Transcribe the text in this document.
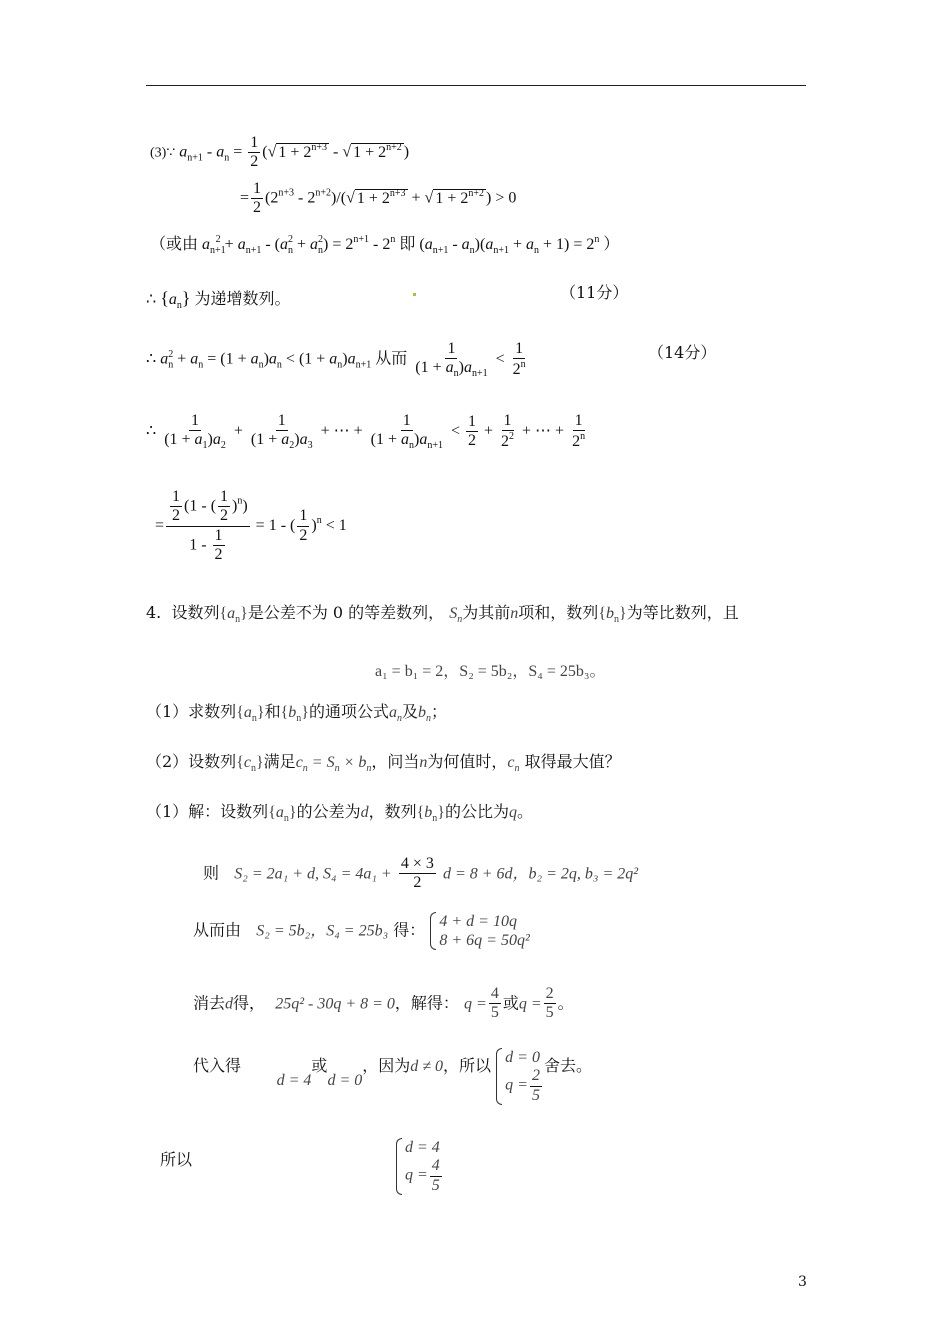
(3)∵ $a_{n+1} - a_n = \frac{1}{2}$ (√ $1 + 2^{n+3}$ - √ $1 + 2^{n+2}$ )
= $\frac{1}{2} (2^{n+3} - 2^{n+2})/(√$ $1 + 2^{n+3}$ + √ $1 + 2^{n+2}$ ) > 0
（或由 $a_{n+1}^2 + a_{n+1} - (a_n^2 + a_n^2) = 2^{n+1} - 2^n$ 即 $(a_{n+1} - a_n)(a_{n+1} + a_n + 1) = 2^n$ ）
∴ $\{a_n\}$ 为递增数列。	（11分）
∴ $a_n^2 + a_n = (1 + a_n)a_n < (1 + a_n)a_{n+1}$ 从而 $\frac{1}{(1 + a_n)a_{n+1}} < \frac{1}{2^n}$	（14分）
∴ $\frac{1}{(1 + a_1)a_2} + \frac{1}{(1 + a_2)a_3}$ + ⋯ + $\frac{1}{(1 + a_n)a_{n+1}} < \frac{1}{2} + \frac{1}{2^2}$ + ⋯ + $\frac{1}{2^n}$
= $\frac{\frac{1}{2} (1 - ( \frac{1}{2} )^n)}{1 - \frac{1}{2}} = 1$ - ( $\frac{1}{2} )^n < 1$
4. 设数列$\{a_n\}$是公差不为 0 的等差数列， $S_n$为其前n项和，数列$\{b_n\}$为等比数列，且
a₁ = b₁ = 2，S₂ = 5b₂，S₄ = 25b₃。
（1）求数列$\{a_n\}$和$\{b_n\}$的通项公式$a_n$及$b_n$；
（2）设数列$\{c_n\}$满足$c_n = S_n \times b_n$，问当n为何值时，$c_n$ 取得最大值？
（1）解：设数列$\{a_n\}$的公差为d，数列$\{b_n\}$的公比为q。
则 S₂ = 2a₁ + d, $S_4 = 4a_1 + \frac{4 \times 3}{2}$ d = 8 + 6d，b₂ = 2q, b₃ = 2q²
从而由 S₂ = 5b₂，S₄ = 25b₃ 得： 4 + d = 10q
8 + 6q = 50q²
消去d得， 25q² - 30q + 8 = 0，解得： $q = \frac{4}{5}$ 或$q = \frac{2}{5}$ 。
代入得       d = 4或d = 0，因为d ≠ 0，所以 d = 0
$q = \frac{2}{5}$
舍去。
所以
d = 4
$q = \frac{4}{5}$
3
